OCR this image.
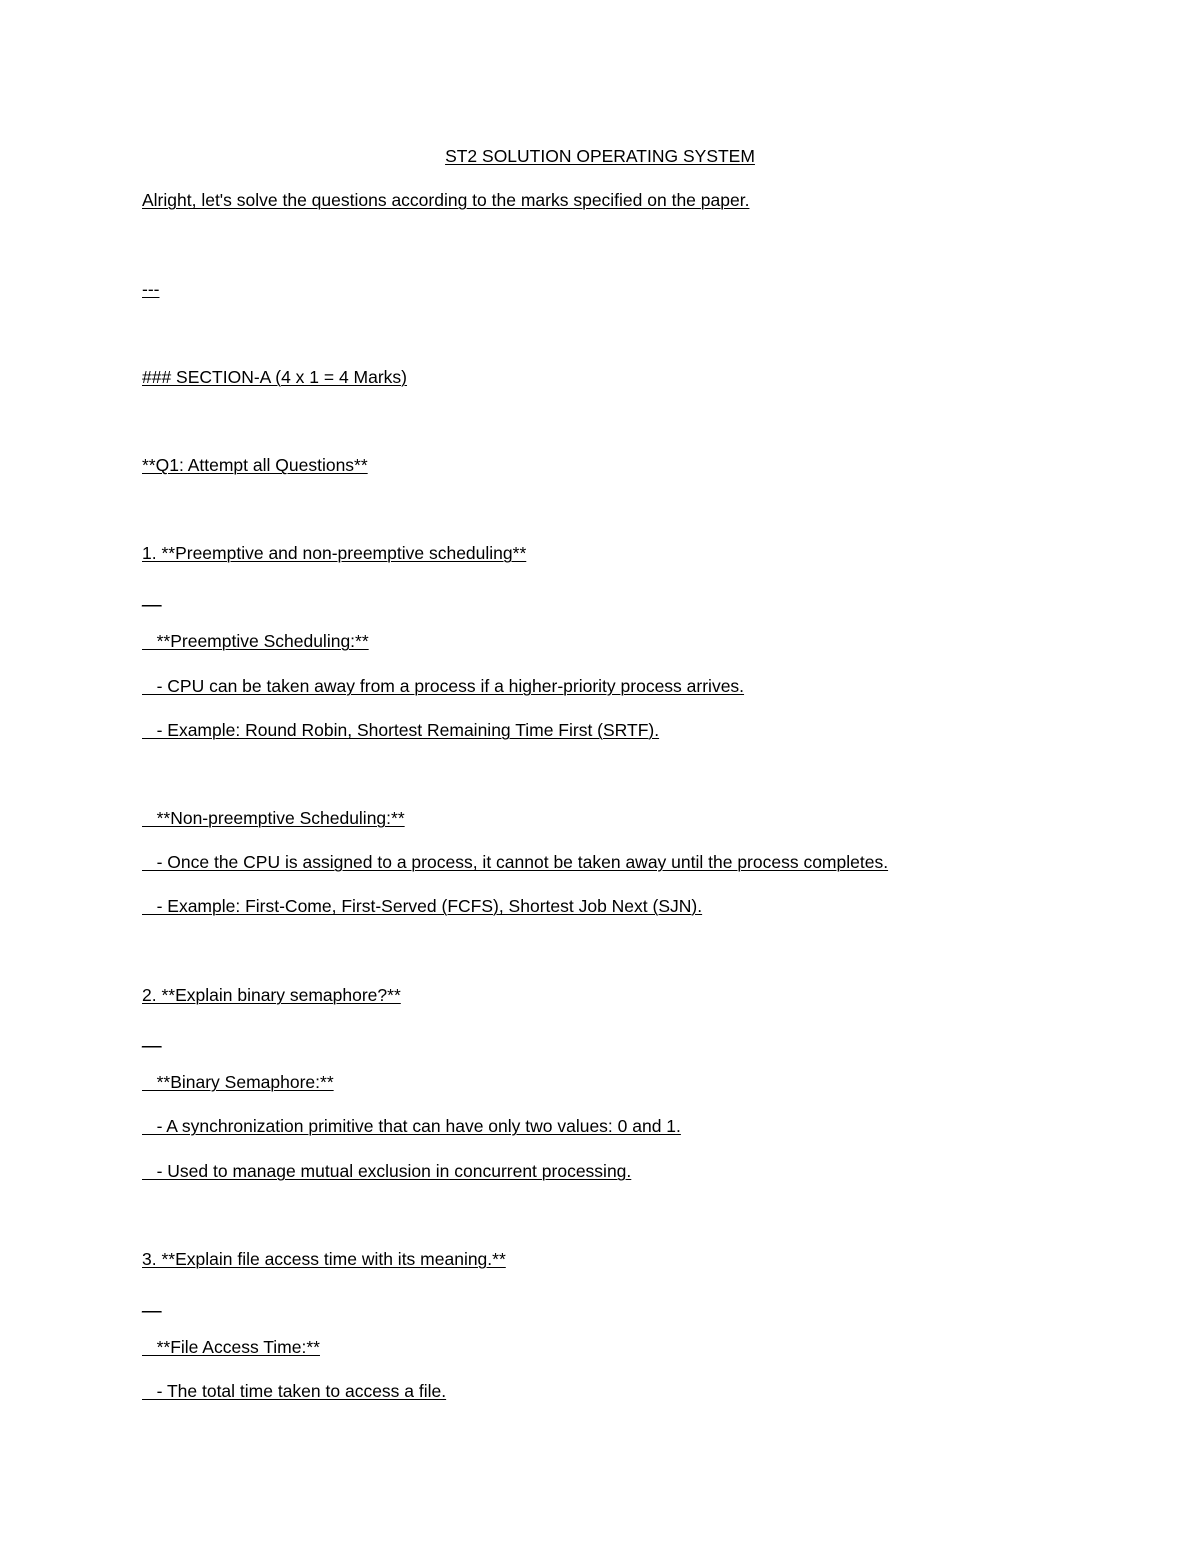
ST2 SOLUTION OPERATING SYSTEM
Alright, let's solve the questions according to the marks specified on the paper.
---
### SECTION-A (4 x 1 = 4 Marks)
**Q1: Attempt all Questions**
1. **Preemptive and non-preemptive scheduling**
__
**Preemptive Scheduling:**
- CPU can be taken away from a process if a higher-priority process arrives.
- Example: Round Robin, Shortest Remaining Time First (SRTF).
**Non-preemptive Scheduling:**
- Once the CPU is assigned to a process, it cannot be taken away until the process completes.
- Example: First-Come, First-Served (FCFS), Shortest Job Next (SJN).
2. **Explain binary semaphore?**
__
**Binary Semaphore:**
- A synchronization primitive that can have only two values: 0 and 1.
- Used to manage mutual exclusion in concurrent processing.
3. **Explain file access time with its meaning.**
__
**File Access Time:**
- The total time taken to access a file.
